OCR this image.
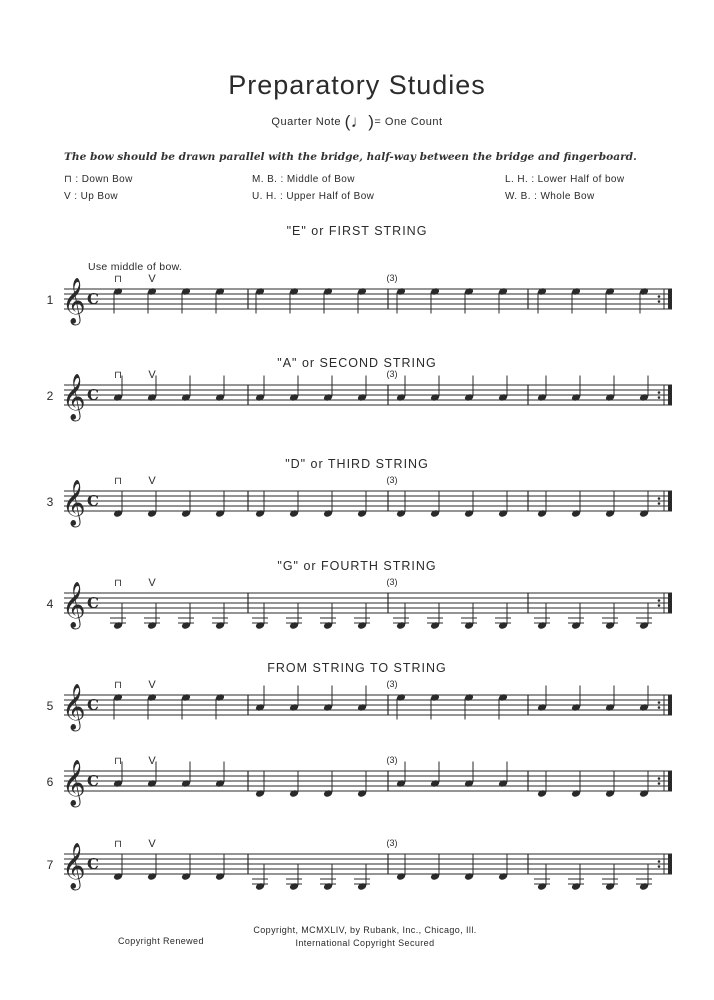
Preparatory Studies
Quarter Note (♩)= One Count
The bow should be drawn parallel with the bridge, half-way between the bridge and fingerboard.
⊓ : Down Bow
V : Up Bow
M. B. : Middle of Bow
U. H. : Upper Half of Bow
L. H. : Lower Half of bow
W. B. : Whole Bow
"E" or FIRST STRING
"A" or SECOND STRING
"D" or THIRD STRING
"G" or FOURTH STRING
FROM STRING TO STRING
1 𝄞 C
⊓ V	(3)
2 𝄞 C
⊓ V	(3)
3 𝄞 C
⊓ V	(3)
4 𝄞 C
⊓ V	(3)
5 𝄞 C
⊓ V	(3)
6 𝄞 C
⊓ V	(3)
7 𝄞 C
⊓ V	(3)
Use middle of bow.
Copyright, MCMXLIV, by Rubank, Inc., Chicago, Ill.
International Copyright Secured
Copyright Renewed
